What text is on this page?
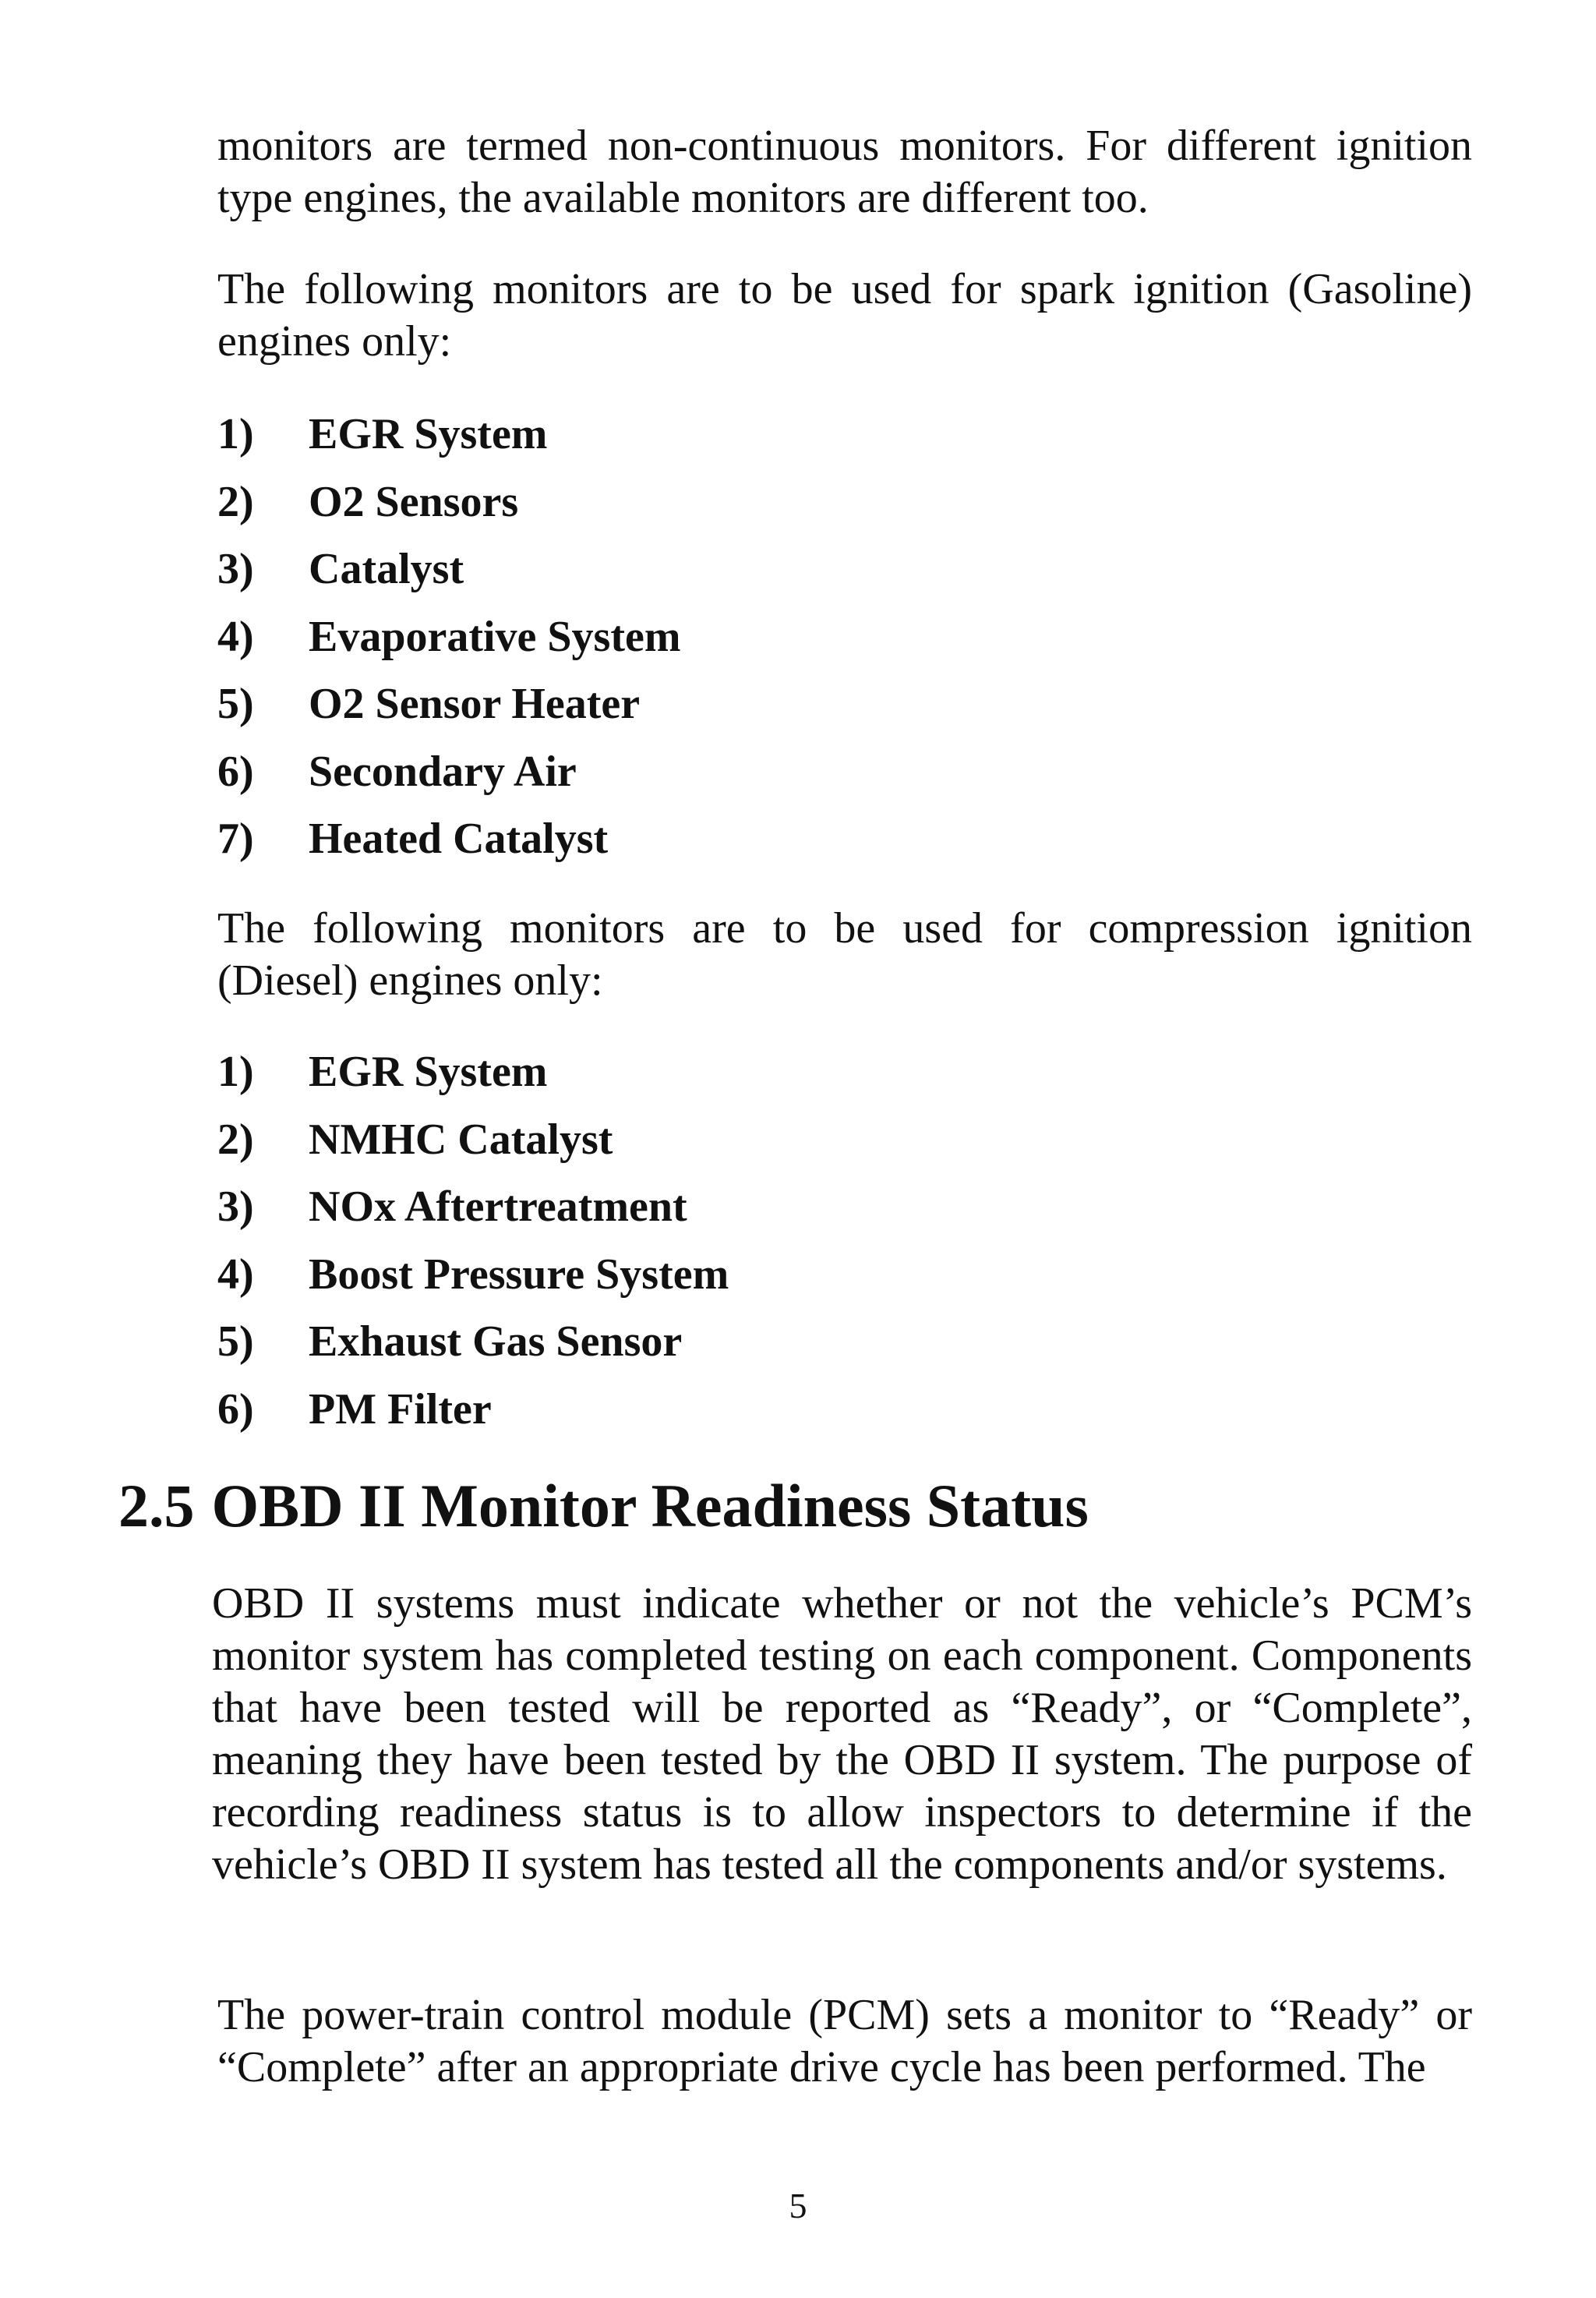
monitors are termed non-continuous monitors. For different ignition type engines, the available monitors are different too.

The following monitors are to be used for spark ignition (Gasoline) engines only:

1) EGR System
2) O2 Sensors
3) Catalyst
4) Evaporative System
5) O2 Sensor Heater
6) Secondary Air
7) Heated Catalyst

The following monitors are to be used for compression ignition (Diesel) engines only:

1) EGR System
2) NMHC Catalyst
3) NOx Aftertreatment
4) Boost Pressure System
5) Exhaust Gas Sensor
6) PM Filter
2.5 OBD II Monitor Readiness Status

OBD II systems must indicate whether or not the vehicle’s PCM’s monitor system has completed testing on each component. Components that have been tested will be reported as “Ready”, or “Complete”, meaning they have been tested by the OBD II system. The purpose of recording readiness status is to allow inspectors to determine if the vehicle’s OBD II system has tested all the components and/or systems.

The power-train control module (PCM) sets a monitor to “Ready” or “Complete” after an appropriate drive cycle has been performed. The

5
